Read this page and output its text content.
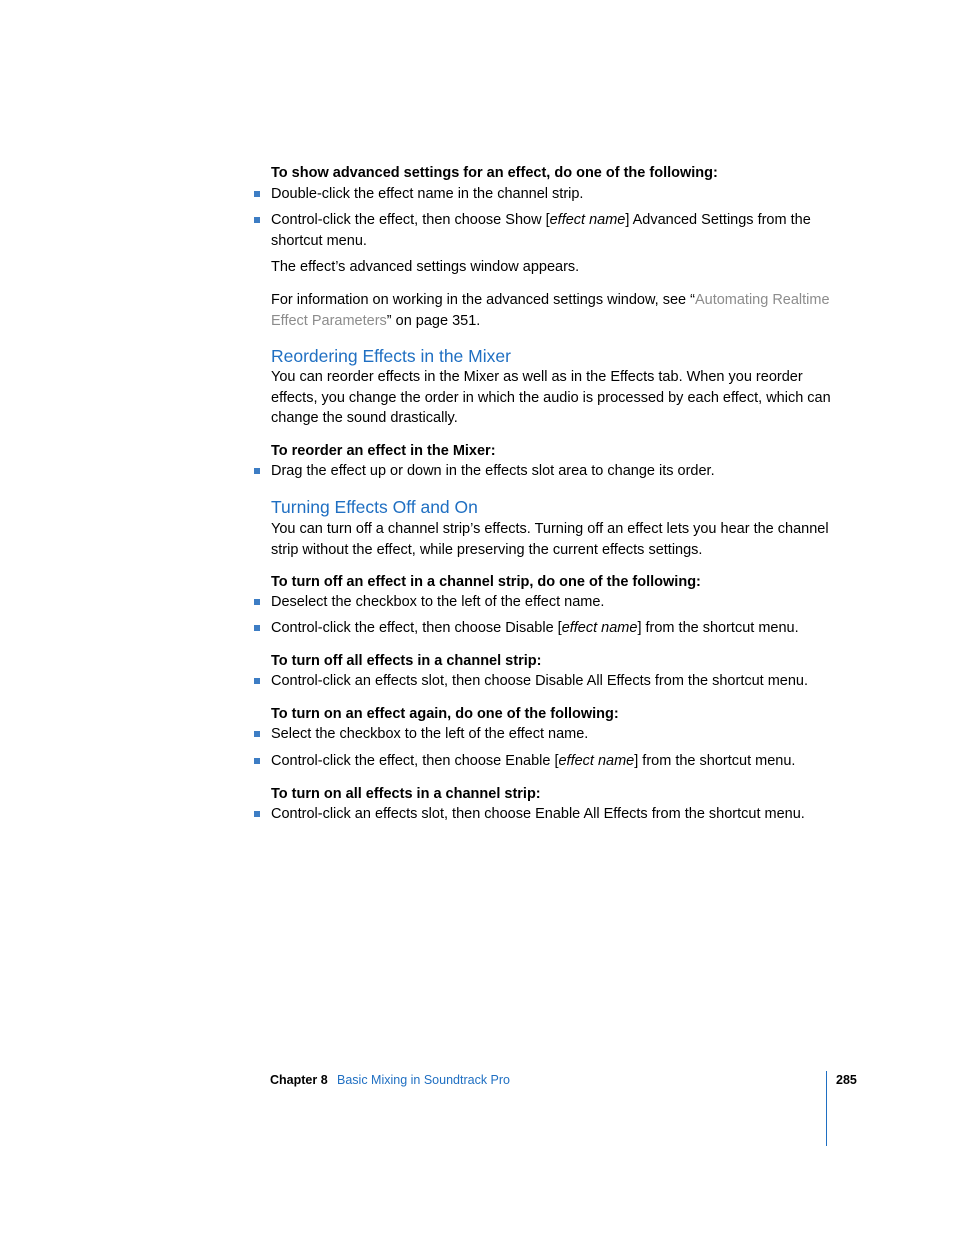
To show advanced settings for an effect, do one of the following:
Double-click the effect name in the channel strip.
Control-click the effect, then choose Show [effect name] Advanced Settings from the shortcut menu.
The effect’s advanced settings window appears.
For information on working in the advanced settings window, see “Automating Realtime Effect Parameters” on page 351.
Reordering Effects in the Mixer
You can reorder effects in the Mixer as well as in the Effects tab. When you reorder effects, you change the order in which the audio is processed by each effect, which can change the sound drastically.
To reorder an effect in the Mixer:
Drag the effect up or down in the effects slot area to change its order.
Turning Effects Off and On
You can turn off a channel strip’s effects. Turning off an effect lets you hear the channel strip without the effect, while preserving the current effects settings.
To turn off an effect in a channel strip, do one of the following:
Deselect the checkbox to the left of the effect name.
Control-click the effect, then choose Disable [effect name] from the shortcut menu.
To turn off all effects in a channel strip:
Control-click an effects slot, then choose Disable All Effects from the shortcut menu.
To turn on an effect again, do one of the following:
Select the checkbox to the left of the effect name.
Control-click the effect, then choose Enable [effect name] from the shortcut menu.
To turn on all effects in a channel strip:
Control-click an effects slot, then choose Enable All Effects from the shortcut menu.
Chapter 8 Basic Mixing in Soundtrack Pro	285
